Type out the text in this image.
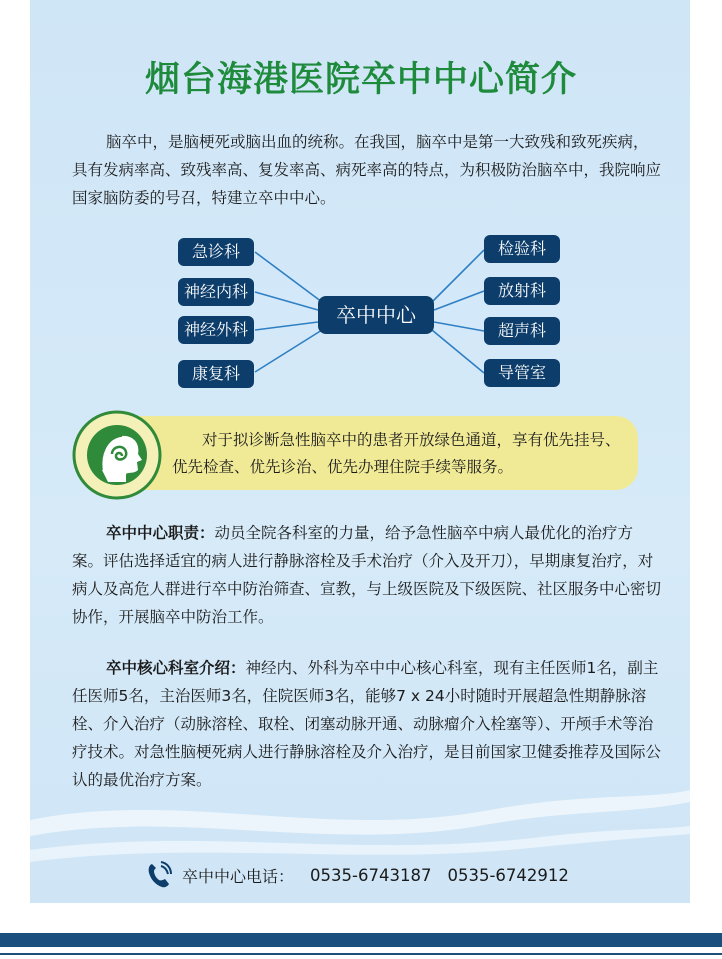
烟台海港医院卒中中心简介

脑卒中，是脑梗死或脑出血的统称。在我国，脑卒中是第一大致残和致死疾病，具有发病率高、致残率高、复发率高、病死率高的特点，为积极防治脑卒中，我院响应国家脑防委的号召，特建立卒中中心。

急诊科
神经内科
神经外科
康复科
卒中中心
检验科
放射科
超声科
导管室

对于拟诊断急性脑卒中的患者开放绿色通道，享有优先挂号、优先检查、优先诊治、优先办理住院手续等服务。

卒中中心职责：动员全院各科室的力量，给予急性脑卒中病人最优化的治疗方案。评估选择适宜的病人进行静脉溶栓及手术治疗（介入及开刀），早期康复治疗，对病人及高危人群进行卒中防治筛查、宣教，与上级医院及下级医院、社区服务中心密切协作，开展脑卒中防治工作。

卒中核心科室介绍：神经内、外科为卒中中心核心科室，现有主任医师1名，副主任医师5名，主治医师3名，住院医师3名，能够7 x 24小时随时开展超急性期静脉溶栓、介入治疗（动脉溶栓、取栓、闭塞动脉开通、动脉瘤介入栓塞等）、开颅手术等治疗技术。对急性脑梗死病人进行静脉溶栓及介入治疗，是目前国家卫健委推荐及国际公认的最优治疗方案。

卒中中心电话： 0535-6743187 0535-6742912
